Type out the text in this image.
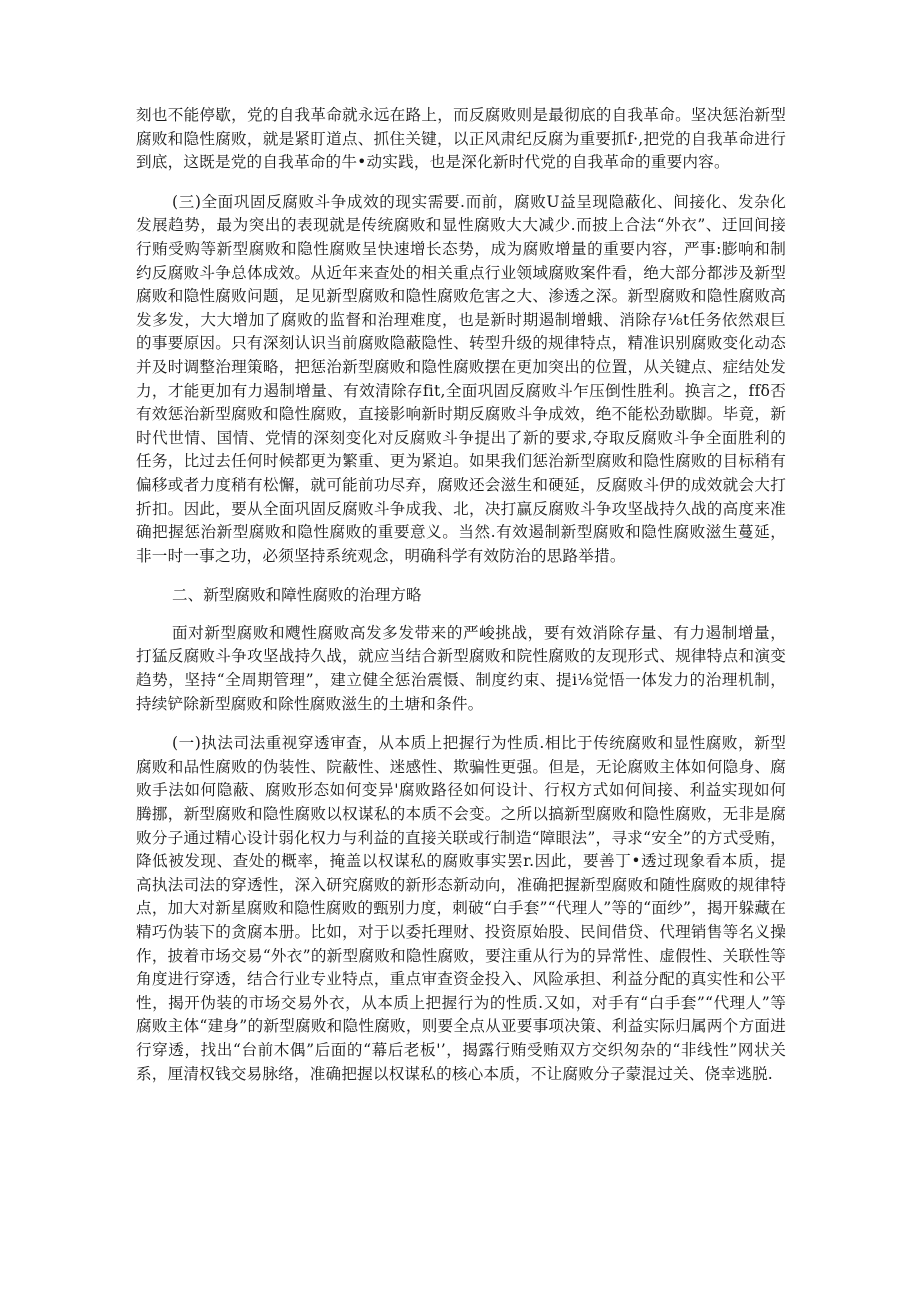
刻也不能停歇，党的自我革命就永远在路上，而反腐败则是最彻底的自我革命。坚决惩治新型腐败和隐性腐败，就是紧盯道点、抓住关键，以正风肃纪反腐为重要抓f·,把党的自我革命进行到底，这既是党的自我革命的牛•动实践，也是深化新时代党的自我革命的重要内容。

(三)全面巩固反腐败斗争成效的现实需要.而前，腐败U益呈现隐蔽化、间接化、发杂化发展趋势，最为突出的表现就是传统腐败和显性腐败大大减少.而披上合法“外衣”、迂回间接行贿受购等新型腐败和隐性腐败呈快速增长态势，成为腐败增量的重要内容，严事:膨响和制约反腐败斗争总体成效。从近年来查处的相关重点行业领域腐败案件看，绝大部分都涉及新型腐败和隐性腐败问题，足见新型腐败和隐性腐败危害之大、渗透之深。新型腐败和隐性腐败高发多发，大大增加了腐败的监督和治理难度，也是新时期遏制增蛾、消除存⅛t任务依然艰巨的事要原因。只有深刻认识当前腐败隐蔽隐性、转型升级的规律特点，精准识别腐败变化动态并及时调整治理策略，把惩治新型腐败和隐性腐败摆在更加突出的位置，从关键点、症结处发力，才能更加有力遏制增量、有效清除存fit,全面巩固反腐败斗乍压倒性胜利。换言之，ffδ否有效惩治新型腐败和隐性腐败，直接影响新时期反腐败斗争成效，绝不能松劲歇脚。毕竟，新时代世情、国情、党情的深刻变化对反腐败斗争提出了新的要求,夺取反腐败斗争全面胜利的任务，比过去任何时候都更为繁重、更为紧迫。如果我们惩治新型腐败和隐性腐败的目标稍有偏移或者力度稍有松懈，就可能前功尽弃，腐败还会滋生和硬延，反腐败斗伊的成效就会大打折扣。因此，要从全面巩固反腐败斗争成我、北，决打赢反腐败斗争攻坚战持久战的高度来准确把握惩治新型腐败和隐性腐败的重要意义。当然.有效遏制新型腐败和隐性腐败滋生蔓延，非一时一事之功，必须坚持系统观念，明确科学有效防治的思路举措。

二、新型腐败和障性腐败的治理方略

面对新型腐败和飕性腐败高发多发带来的严峻挑战，要有效消除存量、有力遏制增量，打猛反腐败斗争攻坚战持久战，就应当结合新型腐败和院性腐败的友现形式、规律特点和演变趋势，坚持“全周期管理”，建立健全惩治震慑、制度约束、提i⅛觉悟一体发力的治理机制，持续铲除新型腐败和除性腐败滋生的土塘和条件。

(一)执法司法重视穿透审査，从本质上把握行为性质.相比于传统腐败和显性腐败，新型腐败和品性腐败的伪装性、院蔽性、迷感性、欺骗性更强。但是，无论腐败主体如何隐身、腐败手法如何隐蔽、腐败形态如何变异'腐败路径如何设计、行权方式如何间接、利益实现如何腾挪，新型腐败和隐性腐败以权谋私的本质不会变。之所以搞新型腐败和隐性腐败，无非是腐败分子通过精心设计弱化权力与利益的直接关联或行制造“障眼法”，寻求“安全”的方式受贿，降低被发现、查处的概率，掩盖以权谋私的腐败事实罢r.因此，要善丁•透过现象看本质，提高执法司法的穿透性，深入研究腐败的新形态新动向，准确把握新型腐败和随性腐败的规律特点，加大对新星腐败和隐性腐败的甄别力度，刺破“白手套”“代理人”等的“面纱”，揭开躲藏在精巧伪装下的贪腐本册。比如，对于以委托理财、投资原始股、民间借贷、代理销售等名义操作，披着市场交易“外衣”的新型腐败和隐性腐败，要注重从行为的异常性、虚假性、关联性等角度进行穿透，结合行业专业特点，重点审查资金投入、风险承担、利益分配的真实性和公平性，揭开伪装的市场交易外衣，从本质上把握行为的性质.又如，对手有“白手套”“代理人”等腐败主体“建身”的新型腐败和隐性腐败，则要全点从亚要事项决策、利益实际归属两个方面进行穿透，找出“台前木偶”后面的“幕后老板'’，揭露行贿受贿双方交织匆杂的“非线性”网状关系，厘清权钱交易脉络，准确把握以权谋私的核心本质，不让腐败分子蒙混过关、侥幸逃脱.
